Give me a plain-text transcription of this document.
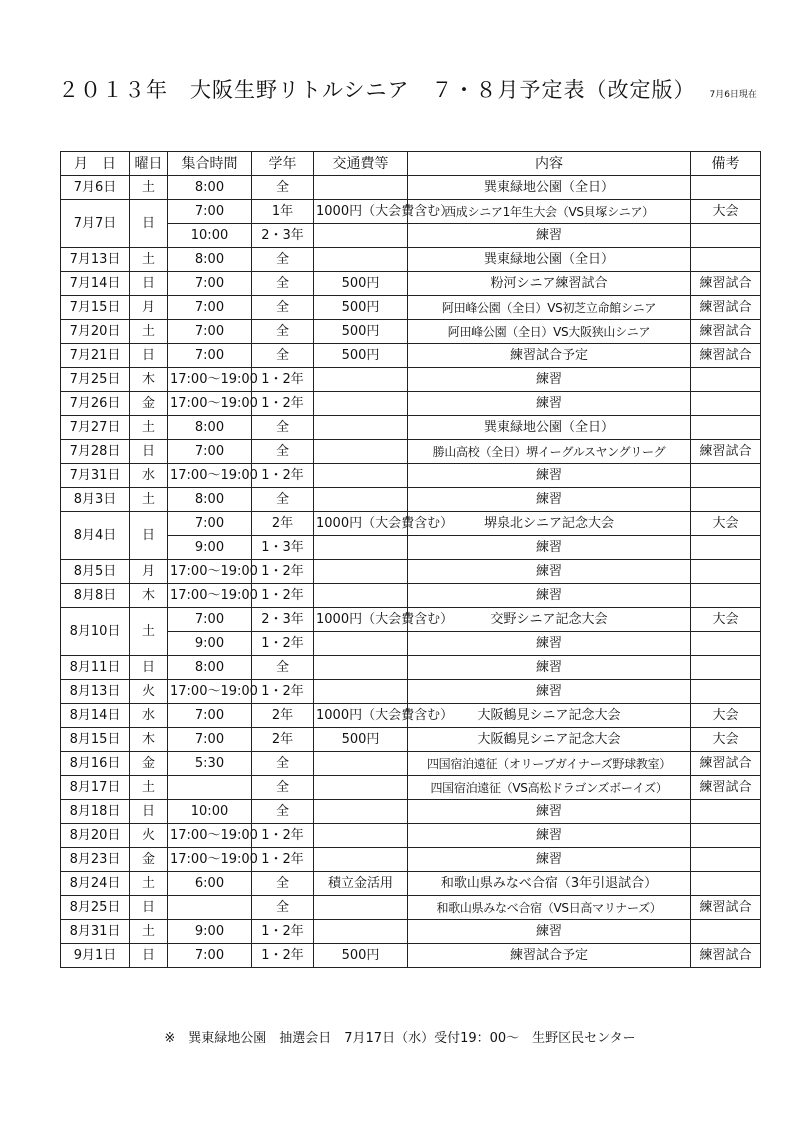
２０１３年　大阪生野リトルシニア　７・８月予定表（改定版） 7月6日現在
月　日	曜日	集合時間	学年	交通費等	内容	備考
7月6日	土	8:00	全		巽東緑地公園（全日）	
7月7日	日	7:00	1年	1000円（大会費含む）	西成シニア1年生大会（VS貝塚シニア）	大会
		10:00	2・3年		練習	
7月13日	土	8:00	全		巽東緑地公園（全日）	
7月14日	日	7:00	全	500円	粉河シニア練習試合	練習試合
7月15日	月	7:00	全	500円	阿田峰公園（全日）VS初芝立命館シニア	練習試合
7月20日	土	7:00	全	500円	阿田峰公園（全日）VS大阪狭山シニア	練習試合
7月21日	日	7:00	全	500円	練習試合予定	練習試合
7月25日	木	17:00～19:00	1・2年		練習	
7月26日	金	17:00～19:00	1・2年		練習	
7月27日	土	8:00	全		巽東緑地公園（全日）	
7月28日	日	7:00	全		勝山高校（全日）堺イーグルスヤングリーグ	練習試合
7月31日	水	17:00～19:00	1・2年		練習	
8月3日	土	8:00	全		練習	
8月4日	日	7:00	2年	1000円（大会費含む）	堺泉北シニア記念大会	大会
		9:00	1・3年		練習	
8月5日	月	17:00～19:00	1・2年		練習	
8月8日	木	17:00～19:00	1・2年		練習	
8月10日	土	7:00	2・3年	1000円（大会費含む）	交野シニア記念大会	大会
		9:00	1・2年		練習	
8月11日	日	8:00	全		練習	
8月13日	火	17:00～19:00	1・2年		練習	
8月14日	水	7:00	2年	1000円（大会費含む）	大阪鶴見シニア記念大会	大会
8月15日	木	7:00	2年	500円	大阪鶴見シニア記念大会	大会
8月16日	金	5:30	全		四国宿泊遠征（オリーブガイナーズ野球教室）	練習試合
8月17日	土		全		四国宿泊遠征（VS高松ドラゴンズボーイズ）	練習試合
8月18日	日	10:00	全		練習	
8月20日	火	17:00～19:00	1・2年		練習	
8月23日	金	17:00～19:00	1・2年		練習	
8月24日	土	6:00	全	積立金活用	和歌山県みなべ合宿（3年引退試合）	
8月25日	日		全		和歌山県みなべ合宿（VS日高マリナーズ）	練習試合
8月31日	土	9:00	1・2年		練習	
9月1日	日	7:00	1・2年	500円	練習試合予定	練習試合
※　巽東緑地公園　抽選会日　7月17日（水）受付19：00～　生野区民センター
